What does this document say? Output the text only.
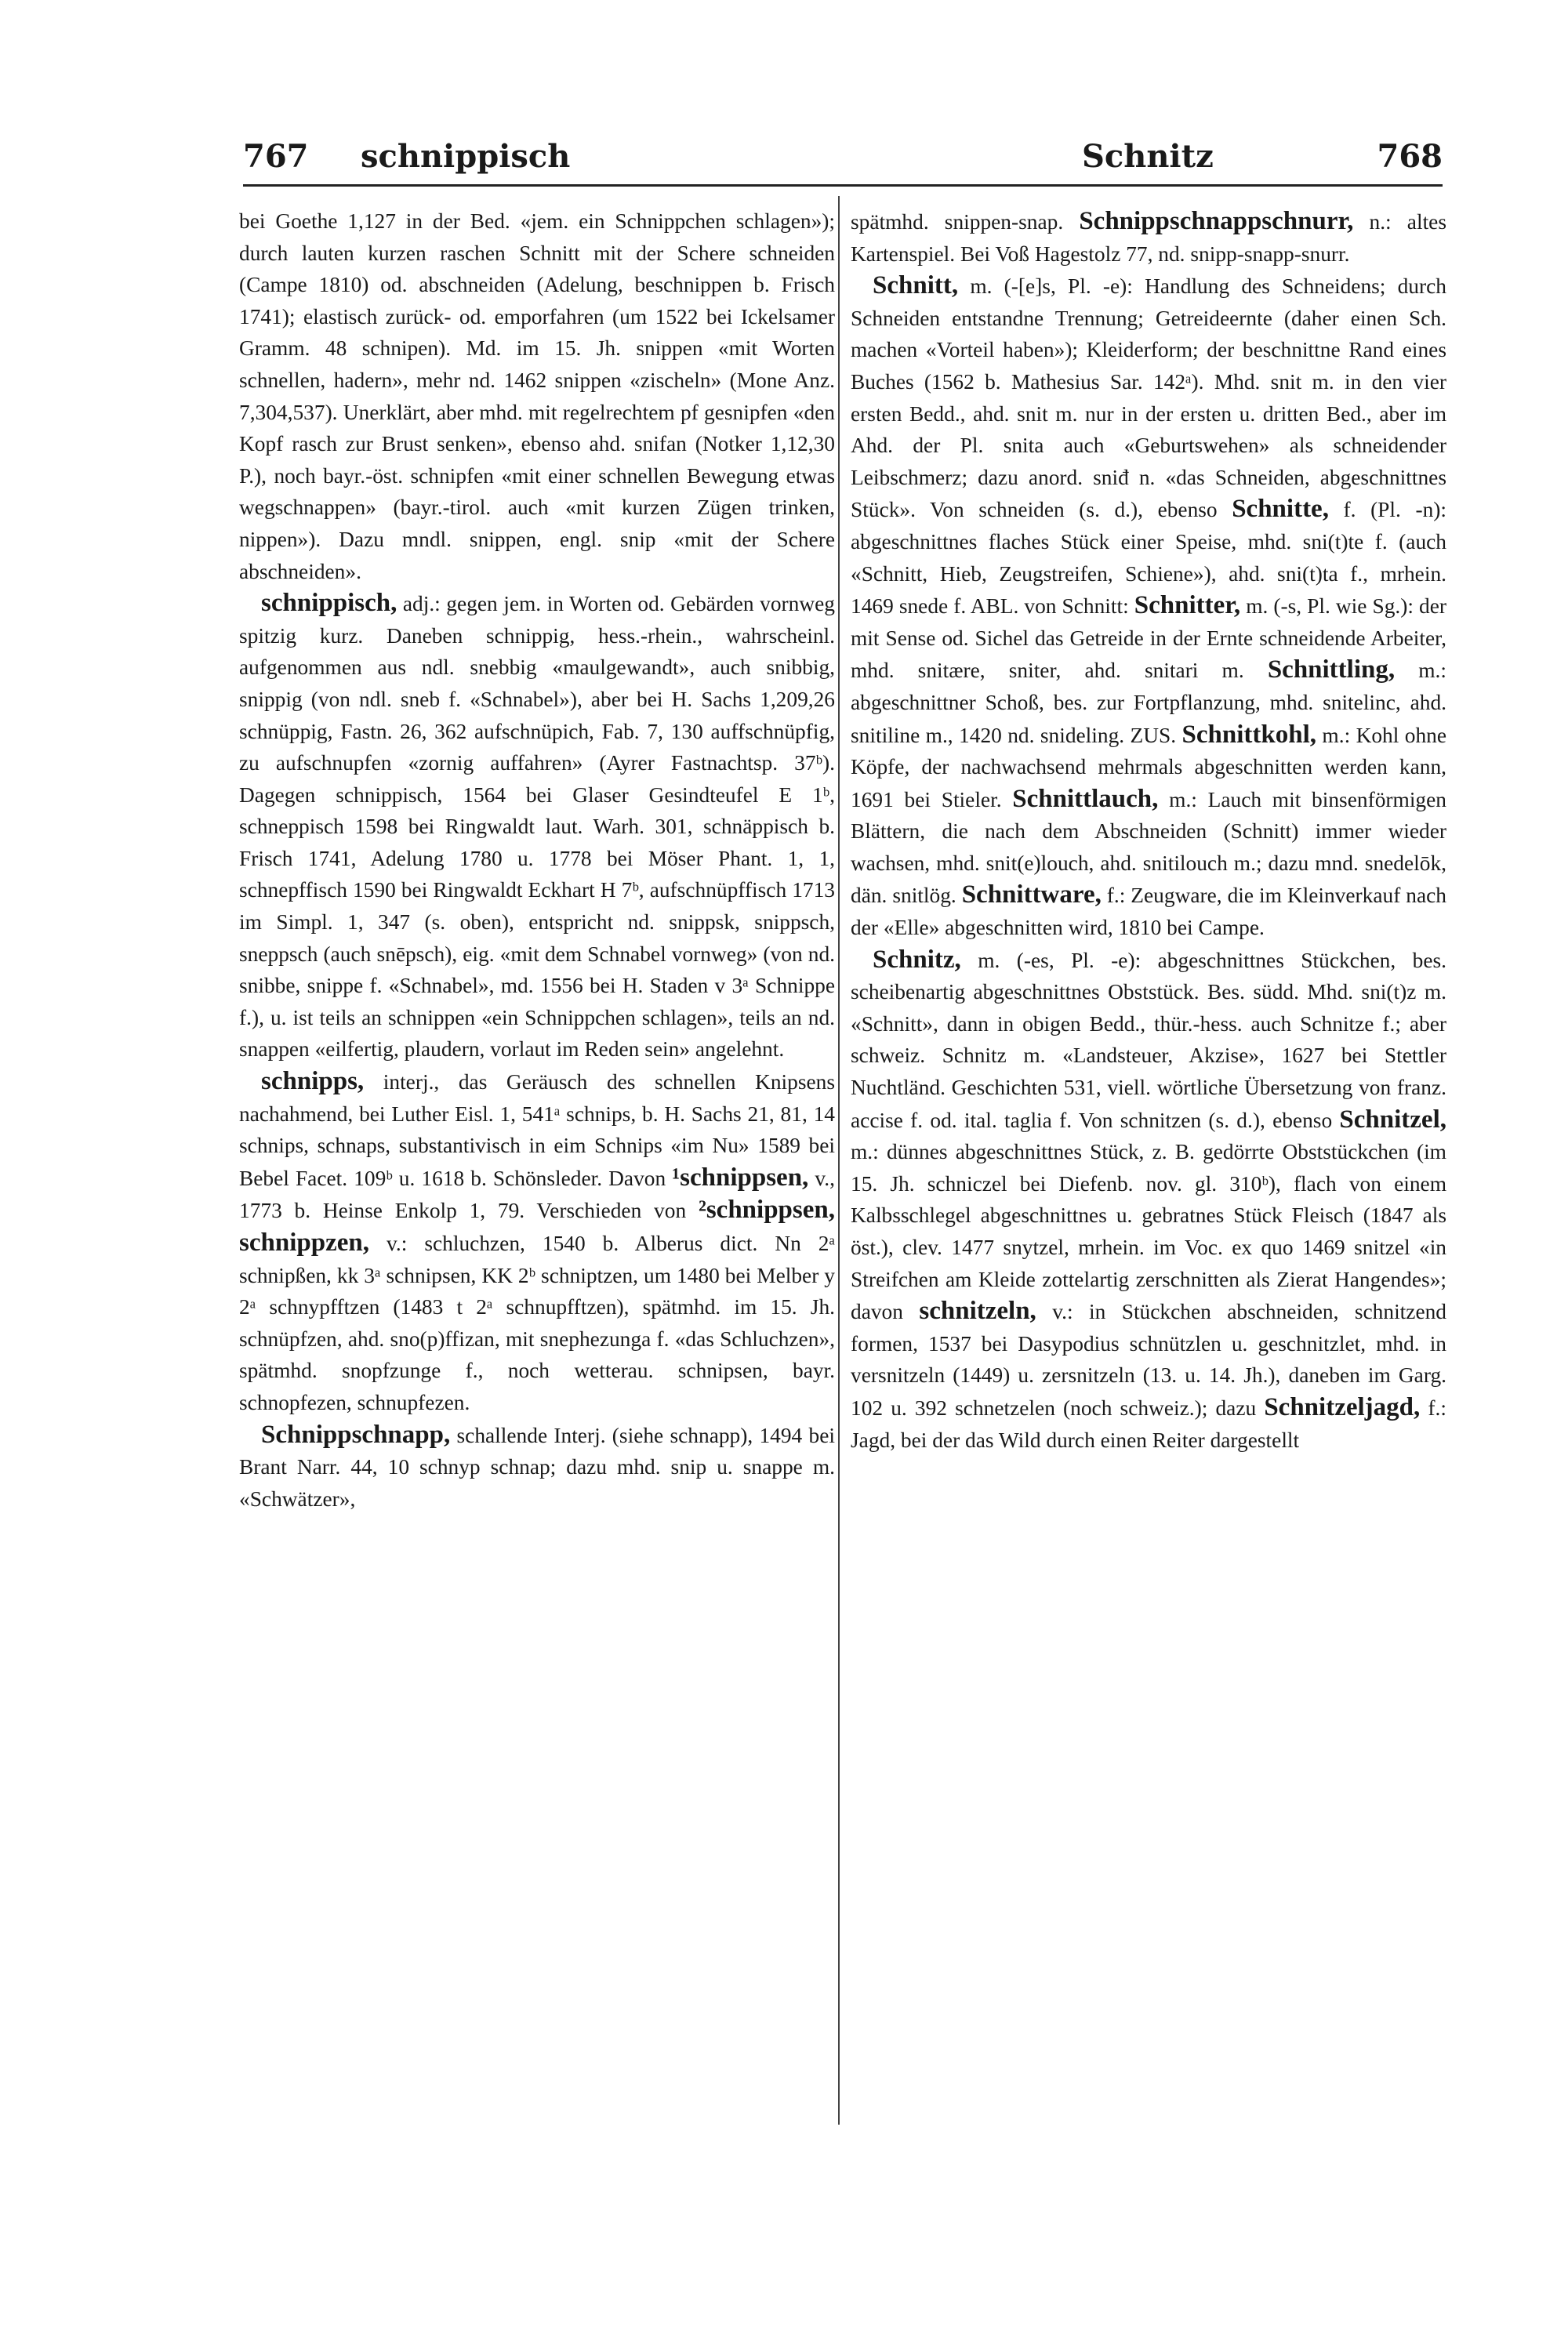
767 schnippisch	Schnitz	768

bei Goethe 1,127 in der Bed. «jem. ein Schnippchen schlagen»); durch lauten kurzen raschen Schnitt mit der Schere schneiden (Campe 1810) od. abschneiden (Adelung, beschnippen b. Frisch 1741); elastisch zurück- od. emporfahren (um 1522 bei Ickelsamer Gramm. 48 schnipen). Md. im 15. Jh. snippen «mit Worten schnellen, hadern», mehr nd. 1462 snippen «zischeln» (Mone Anz. 7,304,537). Unerklärt, aber mhd. mit regelrechtem pf gesnipfen «den Kopf rasch zur Brust senken», ebenso ahd. snifan (Notker 1,12,30 P.), noch bayr.-öst. schnipfen «mit einer schnellen Bewegung etwas wegschnappen» (bayr.-tirol. auch «mit kurzen Zügen trinken, nippen»). Dazu mndl. snippen, engl. snip «mit der Schere abschneiden».

schnippisch, adj.: gegen jem. in Worten od. Gebärden vornweg spitzig kurz. Daneben schnippig, hess.-rhein., wahrscheinl. aufgenommen aus ndl. snebbig «maulgewandt», auch snibbig, snippig (von ndl. sneb f. «Schnabel»), aber bei H. Sachs 1,209,26 schnüppig, Fastn. 26, 362 aufschnüpich, Fab. 7, 130 auffschnüpfig, zu aufschnupfen «zornig auffahren» (Ayrer Fastnachtsp. 37ᵇ). Dagegen schnippisch, 1564 bei Glaser Gesindteufel E 1ᵇ, schneppisch 1598 bei Ringwaldt laut. Warh. 301, schnäppisch b. Frisch 1741, Adelung 1780 u. 1778 bei Möser Phant. 1, 1, schnepffisch 1590 bei Ringwaldt Eckhart H 7ᵇ, aufschnüpffisch 1713 im Simpl. 1, 347 (s. oben), entspricht nd. snippsk, snippsch, sneppsch (auch snēpsch), eig. «mit dem Schnabel vornweg» (von nd. snibbe, snippe f. «Schnabel», md. 1556 bei H. Staden v 3ᵃ Schnippe f.), u. ist teils an schnippen «ein Schnippchen schlagen», teils an nd. snappen «eilfertig, plaudern, vorlaut im Reden sein» angelehnt.

schnipps, interj., das Geräusch des schnellen Knipsens nachahmend, bei Luther Eisl. 1, 541ᵃ schnips, b. H. Sachs 21, 81, 14 schnips, schnaps, substantivisch in eim Schnips «im Nu» 1589 bei Bebel Facet. 109ᵇ u. 1618 b. Schönsleder. Davon ¹schnippsen, v., 1773 b. Heinse Enkolp 1, 79. Verschieden von ²schnippsen, schnippzen, v.: schluchzen, 1540 b. Alberus dict. Nn 2ᵃ schnipßen, kk 3ᵃ schnipsen, KK 2ᵇ schniptzen, um 1480 bei Melber y 2ᵃ schnypfftzen (1483 t 2ᵃ schnupfftzen), spätmhd. im 15. Jh. schnüpfzen, ahd. sno(p)ffizan, mit snephezunga f. «das Schluchzen», spätmhd. snopfzunge f., noch wetterau. schnipsen, bayr. schnopfezen, schnupfezen.

Schnippschnapp, schallende Interj. (siehe schnapp), 1494 bei Brant Narr. 44, 10 schnyp schnap; dazu mhd. snip u. snappe m. «Schwätzer»,

spätmhd. snippen-snap. Schnippschnappschnurr, n.: altes Kartenspiel. Bei Voß Hagestolz 77, nd. snipp-snapp-snurr.

Schnitt, m. (-[e]s, Pl. -e): Handlung des Schneidens; durch Schneiden entstandne Trennung; Getreideernte (daher einen Sch. machen «Vorteil haben»); Kleiderform; der beschnittne Rand eines Buches (1562 b. Mathesius Sar. 142ᵃ). Mhd. snit m. in den vier ersten Bedd., ahd. snit m. nur in der ersten u. dritten Bed., aber im Ahd. der Pl. snita auch «Geburtswehen» als schneidender Leibschmerz; dazu anord. sniđ n. «das Schneiden, abgeschnittnes Stück». Von schneiden (s. d.), ebenso Schnitte, f. (Pl. -n): abgeschnittnes flaches Stück einer Speise, mhd. sni(t)te f. (auch «Schnitt, Hieb, Zeugstreifen, Schiene»), ahd. sni(t)ta f., mrhein. 1469 snede f. ABL. von Schnitt: Schnitter, m. (-s, Pl. wie Sg.): der mit Sense od. Sichel das Getreide in der Ernte schneidende Arbeiter, mhd. snitære, sniter, ahd. snitari m. Schnittling, m.: abgeschnittner Schoß, bes. zur Fortpflanzung, mhd. snitelinc, ahd. snitiline m., 1420 nd. snideling. ZUS. Schnittkohl, m.: Kohl ohne Köpfe, der nachwachsend mehrmals abgeschnitten werden kann, 1691 bei Stieler. Schnittlauch, m.: Lauch mit binsenförmigen Blättern, die nach dem Abschneiden (Schnitt) immer wieder wachsen, mhd. snit(e)louch, ahd. snitilouch m.; dazu mnd. snedelōk, dän. snitlög. Schnittware, f.: Zeugware, die im Kleinverkauf nach der «Elle» abgeschnitten wird, 1810 bei Campe.

Schnitz, m. (-es, Pl. -e): abgeschnittnes Stückchen, bes. scheibenartig abgeschnittnes Obststück. Bes. südd. Mhd. sni(t)z m. «Schnitt», dann in obigen Bedd., thür.-hess. auch Schnitze f.; aber schweiz. Schnitz m. «Landsteuer, Akzise», 1627 bei Stettler Nuchtländ. Geschichten 531, viell. wörtliche Übersetzung von franz. accise f. od. ital. taglia f. Von schnitzen (s. d.), ebenso Schnitzel, m.: dünnes abgeschnittnes Stück, z. B. gedörrte Obststückchen (im 15. Jh. schniczel bei Diefenb. nov. gl. 310ᵇ), flach von einem Kalbsschlegel abgeschnittnes u. gebratnes Stück Fleisch (1847 als öst.), clev. 1477 snytzel, mrhein. im Voc. ex quo 1469 snitzel «in Streifchen am Kleide zottelartig zerschnitten als Zierat Hangendes»; davon schnitzeln, v.: in Stückchen abschneiden, schnitzend formen, 1537 bei Dasypodius schnützlen u. geschnitzlet, mhd. in versnitzeln (1449) u. zersnitzeln (13. u. 14. Jh.), daneben im Garg. 102 u. 392 schnetzelen (noch schweiz.); dazu Schnitzeljagd, f.: Jagd, bei der das Wild durch einen Reiter dargestellt
